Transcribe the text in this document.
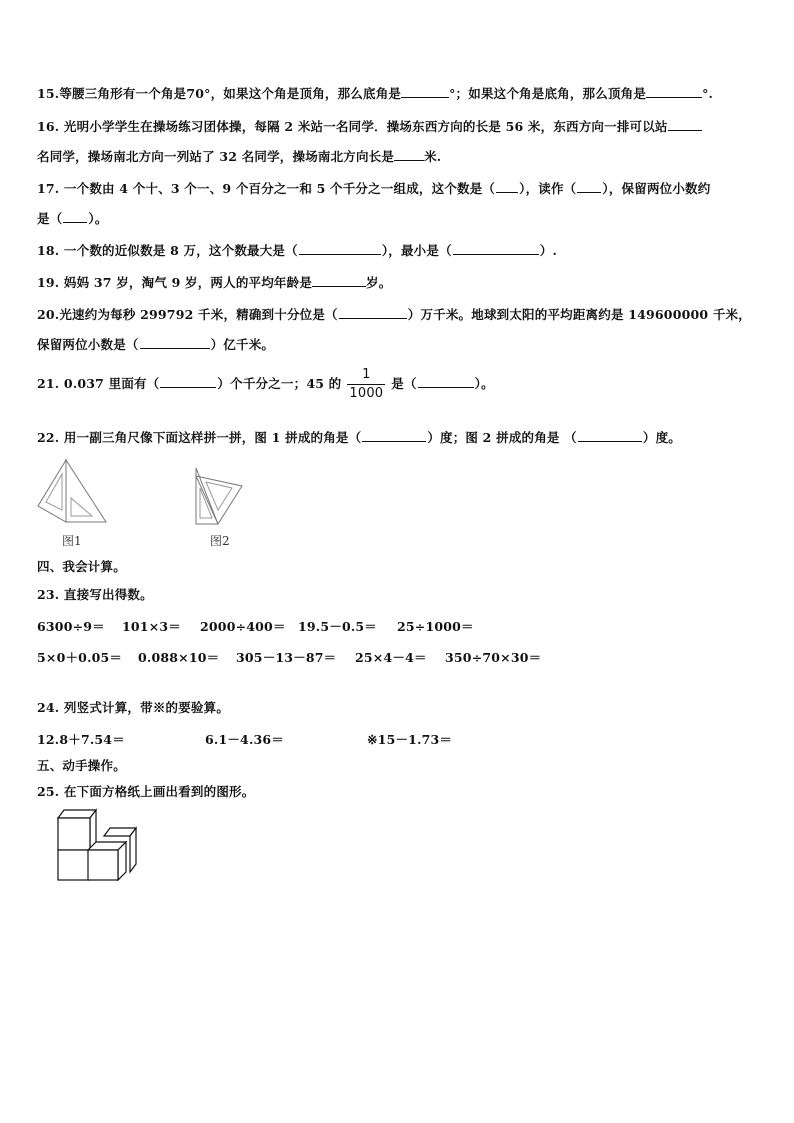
15.等腰三角形有一个角是70°，如果这个角是顶角，那么底角是	°；如果这个角是底角，那么顶角是	°.
16. 光明小学学生在操场练习团体操，每隔 2 米站一名同学．操场东西方向的长是 56 米，东西方向一排可以站
名同学，操场南北方向一列站了 32 名同学，操场南北方向长是 米.
17. 一个数由 4 个十、3 个一、9 个百分之一和 5 个千分之一组成，这个数是（ ），读作（ ），保留两位小数约
是（ ）。
18. 一个数的近似数是 8 万，这个数最大是（	），最小是（	）.
19. 妈妈 37 岁，淘气 9 岁，两人的平均年龄是	岁。
20.光速约为每秒 299792 千米，精确到十分位是（	）万千米。地球到太阳的平均距离约是 149600000 千米，
保留两位小数是（	）亿千米。
21. 0.037 里面有（	）个千分之一；45 的 $\frac{1}{1000}$ 是（	）。
22. 用一副三角尺像下面这样拼一拼，图 1 拼成的角是（	）度；图 2 拼成的角是 （	）度。
图1	图2
四、我会计算。
23. 直接写出得数。
6300÷9＝ 101×3＝ 2000÷400＝ 19.5－0.5＝ 25÷1000＝
5×0＋0.05＝ 0.088×10＝ 305－13－87＝ 25×4－4＝ 350÷70×30＝
24. 列竖式计算，带※的要验算。
12.8＋7.54＝	6.1－4.36＝	※15－1.73＝
五、动手操作。
25. 在下面方格纸上画出看到的图形。
